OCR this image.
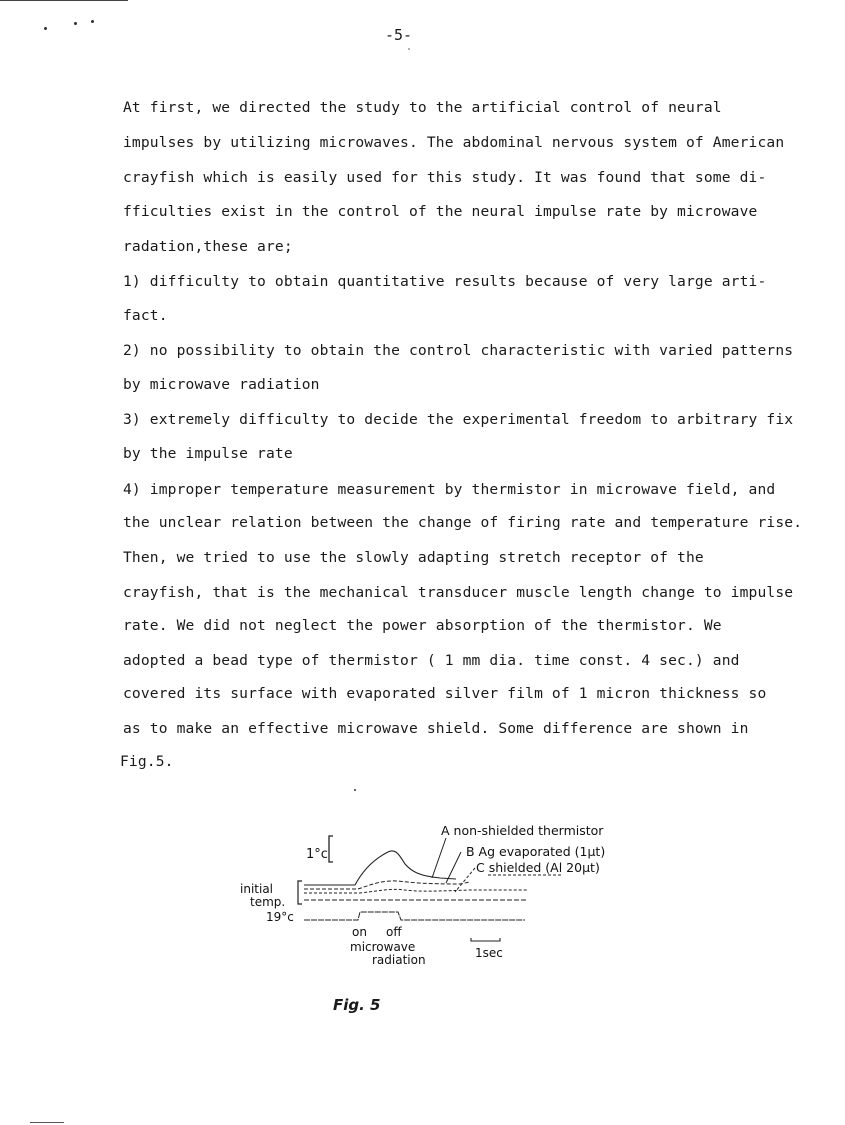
-5-
At first, we directed the study to the artificial control of neural
impulses by utilizing microwaves. The abdominal nervous system of American
crayfish which is easily used for this study. It was found that some di-
fficulties exist in the control of the neural impulse rate by microwave
radation,these are;
1) difficulty to obtain quantitative results because of very large arti-
fact.
2) no possibility to obtain the control characteristic with varied patterns
by microwave radiation
3) extremely difficulty to decide the experimental freedom to arbitrary fix
by the impulse rate
4) improper temperature measurement by thermistor in microwave field, and
the unclear relation between the change of firing rate and temperature rise.
Then, we tried to use the slowly adapting stretch receptor of the
crayfish, that is the mechanical transducer muscle length change to impulse
rate. We did not neglect the power absorption of the thermistor. We
adopted a bead type of thermistor ( 1 mm dia. time const. 4 sec.) and
covered its surface with evaporated silver film of 1 micron thickness so
as to make an effective microwave shield. Some difference are shown in
Fig.5.
1°c
initial
temp.
19°c
A non-shielded thermistor
B Ag evaporated (1μt)
C shielded (Al 20μt)
on off
microwave
radiation	1sec
Fig. 5
